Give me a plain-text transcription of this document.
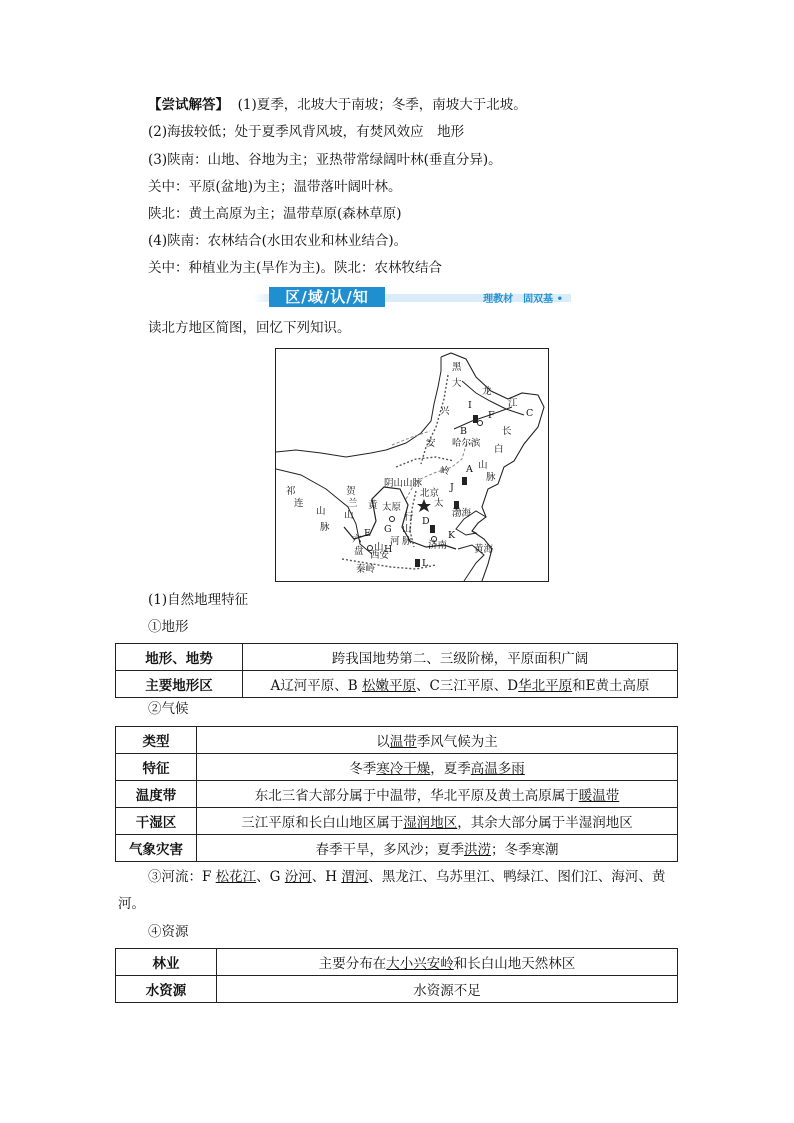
【尝试解答】 (1)夏季，北坡大于南坡；冬季，南坡大于北坡。
(2)海拔较低；处于夏季风背风坡，有焚风效应　地形
(3)陕南：山地、谷地为主；亚热带常绿阔叶林(垂直分异)。
关中：平原(盆地)为主；温带落叶阔叶林。
陕北：黄土高原为主；温带草原(森林草原)
(4)陕南：农林结合(水田农业和林业结合)。
关中：种植业为主(旱作为主)。陕北：农林牧结合
区/域/认/知	理教材　固双基 •
读北方地区简图，回忆下列知识。
黑
大
龙
江
C
I
F
兴
B
哈尔滨
长
安
白
岭 A 山
脉
阴山山脉
北京
太
J
祁
连
山
脉
贺
兰
山
黄 太原
行	渤海
山
脉
D
E G
河
H
六
盘 山
西安
K
济南	黄海
L
秦岭
(1)自然地理特征
①地形
地形、地势	跨我国地势第二、三级阶梯，平原面积广阔
主要地形区	A辽河平原、B 松嫩平原、C三江平原、D华北平原和E黄土高原
②气候
类型	以温带季风气候为主
特征	冬季寒冷干燥，夏季高温多雨
温度带	东北三省大部分属于中温带，华北平原及黄土高原属于暖温带
干湿区	三江平原和长白山地区属于湿润地区，其余大部分属于半湿润地区
气象灾害	春季干旱，多风沙；夏季洪涝；冬季寒潮
③河流：F 松花江、G 汾河、H 渭河、黑龙江、乌苏里江、鸭绿江、图们江、海河、黄
河。
④资源
林业	主要分布在大小兴安岭和长白山地天然林区
水资源	水资源不足
